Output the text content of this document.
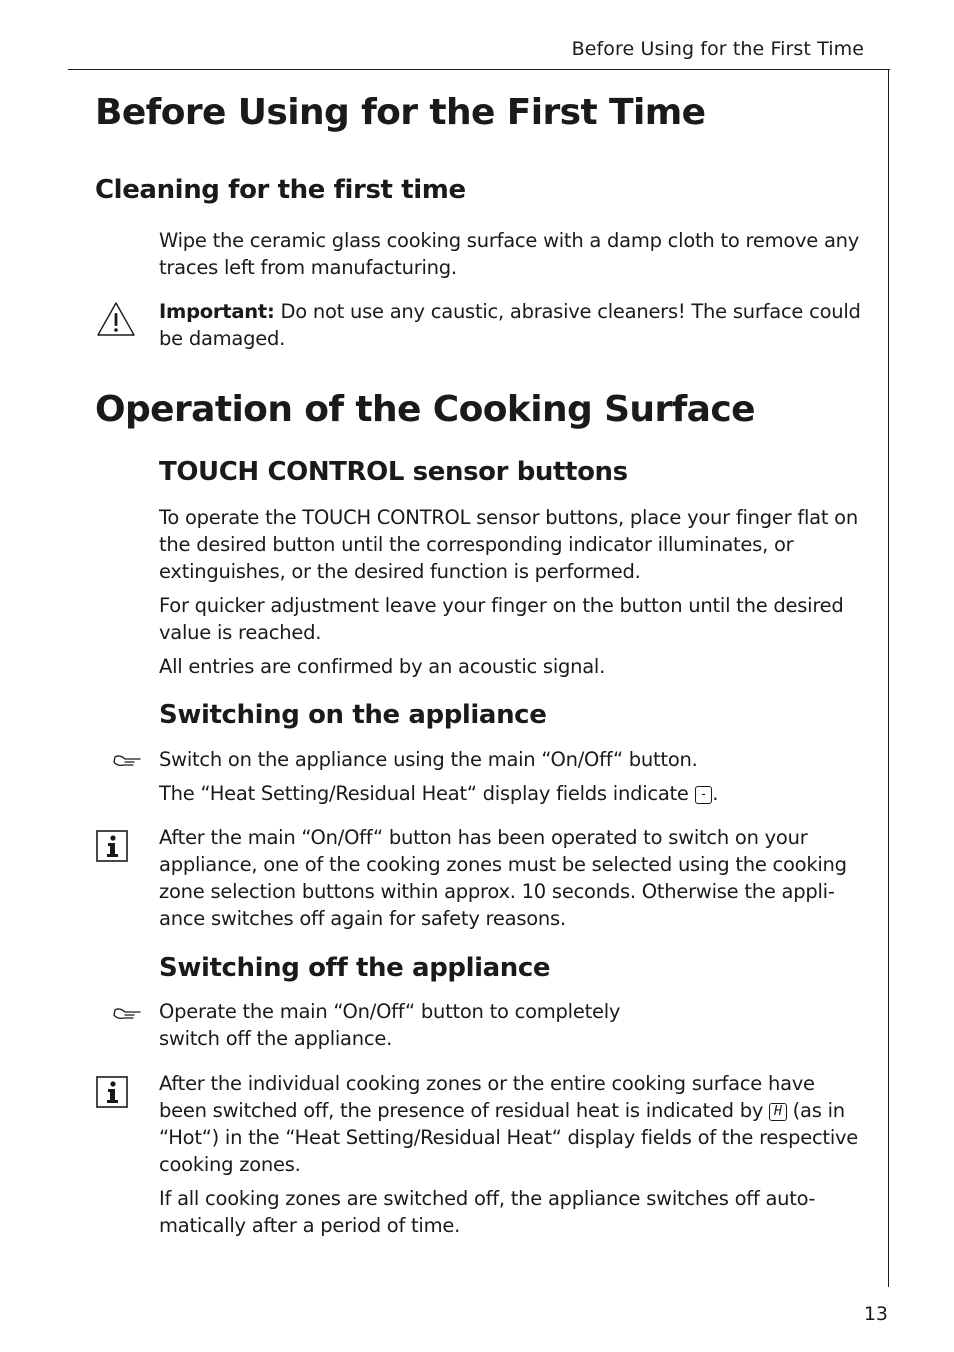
Before Using for the First Time
Before Using for the First Time
Cleaning for the first time

Wipe the ceramic glass cooking surface with a damp cloth to remove any traces left from manufacturing.

Important: Do not use any caustic, abrasive cleaners! The surface could be damaged.

Operation of the Cooking Surface
TOUCH CONTROL sensor buttons

To operate the TOUCH CONTROL sensor buttons, place your finger flat on the desired button until the corresponding indicator illuminates, or extinguishes, or the desired function is performed.

For quicker adjustment leave your finger on the button until the desired value is reached.

All entries are confirmed by an acoustic signal.

Switching on the appliance

Switch on the appliance using the main “On/Off“ button.

The “Heat Setting/Residual Heat“ display fields indicate - .

After the main “On/Off“ button has been operated to switch on your appliance, one of the cooking zones must be selected using the cooking zone selection buttons within approx. 10 seconds. Otherwise the appliance switches off again for safety reasons.

Switching off the appliance

Operate the main “On/Off“ button to completely
switch off the appliance.

After the individual cooking zones or the entire cooking surface have been switched off, the presence of residual heat is indicated by H (as in “Hot“) in the “Heat Setting/Residual Heat“ display fields of the respective cooking zones.

If all cooking zones are switched off, the appliance switches off automatically after a period of time.

13
